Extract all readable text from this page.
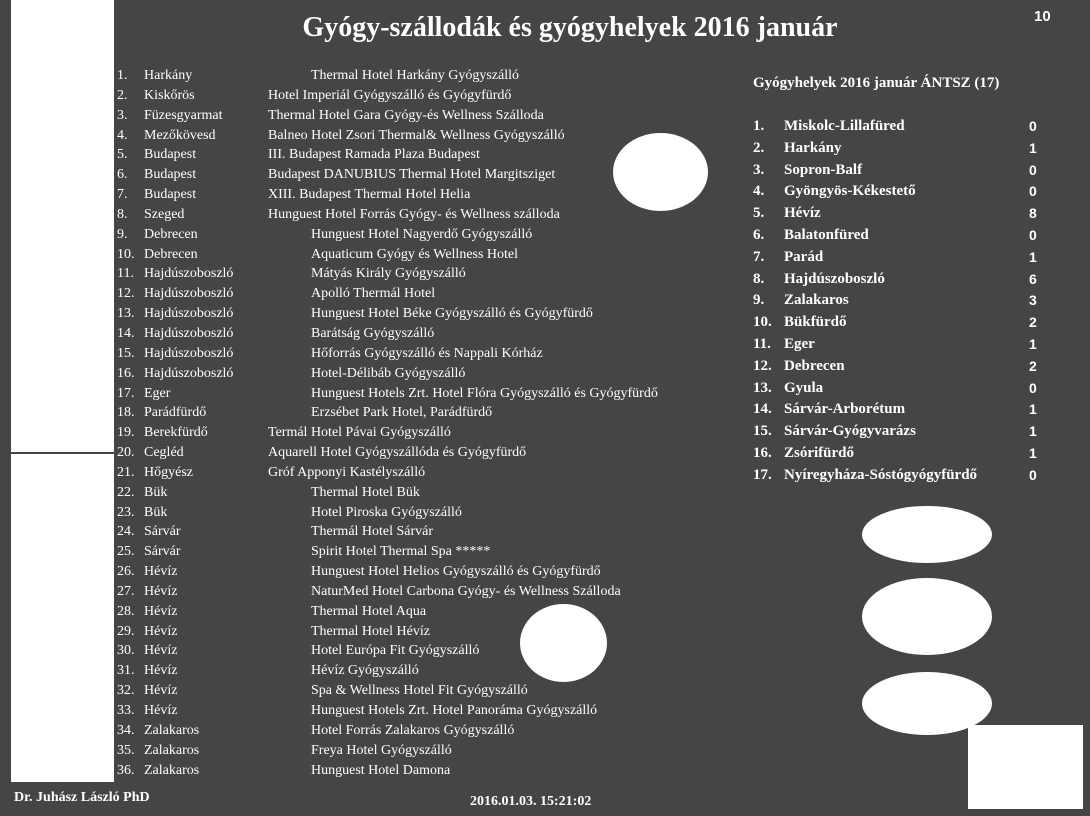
Gyógy-szállodák és gyógyhelyek 2016 január	10
1. Harkány	Thermal Hotel Harkány Gyógyszálló
2. Kiskőrös	Hotel Imperiál Gyógyszálló és Gyógyfürdő
3. Füzesgyarmat	Thermal Hotel Gara Gyógy-és Wellness Szálloda
4. Mezőkövesd	Balneo Hotel Zsori Thermal& Wellness Gyógyszálló
5. Budapest	III. Budapest Ramada Plaza Budapest
6. Budapest	Budapest DANUBIUS Thermal Hotel Margitsziget
7. Budapest	XIII. Budapest Thermal Hotel Helia
8. Szeged	Hunguest Hotel Forrás Gyógy- és Wellness szálloda
9. Debrecen	Hunguest Hotel Nagyerdő Gyógyszálló
10. Debrecen	Aquaticum Gyógy és Wellness Hotel
11. Hajdúszoboszló	Mátyás Király Gyógyszálló
12. Hajdúszoboszló	Apolló Thermál Hotel
13. Hajdúszoboszló	Hunguest Hotel Béke Gyógyszálló és Gyógyfürdő
14. Hajdúszoboszló	Barátság Gyógyszálló
15. Hajdúszoboszló	Hőforrás Gyógyszálló és Nappali Kórház
16. Hajdúszoboszló	Hotel-Délibáb Gyógyszálló
17. Eger	Hunguest Hotels Zrt. Hotel Flóra Gyógyszálló és Gyógyfürdő
18. Parádfürdő	Erzsébet Park Hotel, Parádfürdő
19. Berekfürdő	Termál Hotel Pávai Gyógyszálló
20. Cegléd	Aquarell Hotel Gyógyszállóda és Gyógyfürdő
21. Hőgyész	Gróf Apponyi Kastélyszálló
22. Bük	Thermal Hotel Bük
23. Bük	Hotel Piroska Gyógyszálló
24. Sárvár	Thermál Hotel Sárvár
25. Sárvár	Spirit Hotel Thermal Spa *****
26. Hévíz	Hunguest Hotel Helios Gyógyszálló és Gyógyfürdő
27. Hévíz	NaturMed Hotel Carbona Gyógy- és Wellness Szálloda
28. Hévíz	Thermal Hotel Aqua
29. Hévíz	Thermal Hotel Hévíz
30. Hévíz	Hotel Európa Fit Gyógyszálló
31. Hévíz	Hévíz Gyógyszálló
32. Hévíz	Spa & Wellness Hotel Fit Gyógyszálló
33. Hévíz	Hunguest Hotels Zrt. Hotel Panoráma Gyógyszálló
34. Zalakaros	Hotel Forrás Zalakaros Gyógyszálló
35. Zalakaros	Freya Hotel Gyógyszálló
36. Zalakaros	Hunguest Hotel Damona
Gyógyhelyek 2016 január ÁNTSZ (17)
1. Miskolc-Lillafüred	0
2. Harkány	1
3. Sopron-Balf	0
4. Gyöngyös-Kékestető	0
5. Hévíz	8
6. Balatonfüred	0
7. Parád	1
8. Hajdúszoboszló	6
9. Zalakaros	3
10. Bükfürdő	2
11. Eger	1
12. Debrecen	2
13. Gyula	0
14. Sárvár-Arborétum	1
15. Sárvár-Gyógyvarázs	1
16. Zsórifürdő	1
17. Nyíregyháza-Sóstógyógyfürdő	0
Dr. Juhász László PhD	2016.01.03. 15:21:02
